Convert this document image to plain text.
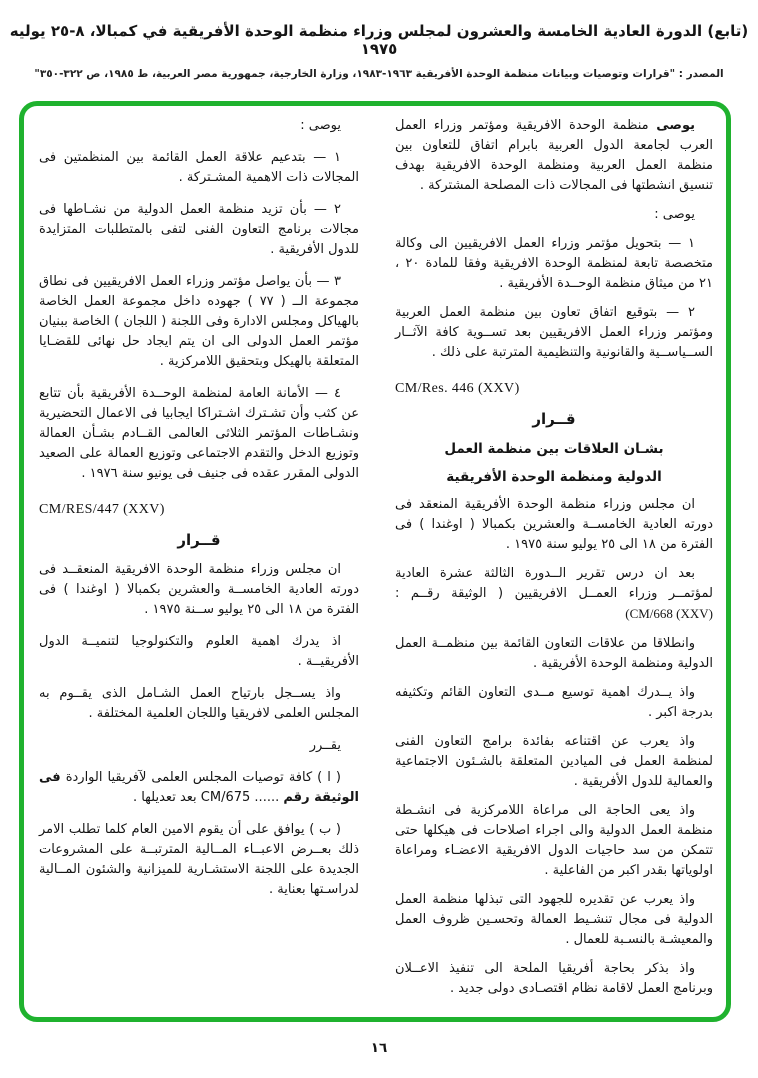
(تابع) الدورة العادية الخامسة والعشرون لمجلس وزراء منظمة الوحدة الأفريقية في كمبالا، ٨-٢٥ يوليه ١٩٧٥
المصدر : "قرارات وتوصيات وبيانات منظمة الوحدة الأفريقية ١٩٦٣-١٩٨٣، وزارة الخارجية، جمهورية مصر العربية، ط ١٩٨٥، ص ٣٢٢-٣٥٠"

يوصى منظمة الوحدة الافريقية ومؤتمر وزراء العمل العرب لجامعة الدول العربية بابرام اتفاق للتعاون بين منظمة العمل العربية ومنظمة الوحدة الافريقية بهدف تنسيق انشطتها فى المجالات ذات المصلحة المشتركة .

يوصى :

١ — بتحويل مؤتمر وزراء العمل الافريقيين الى وكالة متخصصة تابعة لمنظمة الوحدة الافريقية وفقا للمادة ٢٠ ، ٢١ من ميثاق منظمة الوحــدة الأفريقية .

٢ — بتوقيع اتفاق تعاون بين منظمة العمل العربية ومؤتمر وزراء العمل الافريقيين بعد تســوية كافة الآثــار الســياســية والقانونية والتنظيمية المترتبة على ذلك .

CM/Res. 446 (XXV)
قــرار
بشـان العلاقات بين منظمة العمل
الدولية ومنظمة الوحدة الأفريقية

ان مجلس وزراء منظمة الوحدة الأفريقية المنعقد فى دورته العادية الخامســة والعشرين بكمبالا ( اوغندا ) فى الفترة من ١٨ الى ٢٥ يوليو سنة ١٩٧٥ .

بعد ان درس تقرير الــدورة الثالثة عشرة العادية لمؤتمــر وزراء العمــل الافريقيين ( الوثيقة رقــم : (CM/668 (XXV)

وانطلاقا من علاقات التعاون القائمة بين منظمــة العمل الدولية ومنظمة الوحدة الأفريقية .

واذ يــدرك اهمية توسيع مــدى التعاون القائم وتكثيفه بدرجة اكبر .

واذ يعرب عن اقتناعه بفائدة برامج التعاون الفنى لمنظمة العمل فى الميادين المتعلقة بالشـئون الاجتماعية والعمالية للدول الأفريقية .

واذ يعى الحاجة الى مراعاة اللامركزية فى انشـطة منظمة العمل الدولية والى اجراء اصلاحات فى هيكلها حتى تتمكن من سد حاجيات الدول الافريقية الاعضـاء ومراعاة اولوياتها بقدر اكبر من الفاعلية .

واذ يعرب عن تقديره للجهود التى تبذلها منظمة العمل الدولية فى مجال تنشـيط العمالة وتحسـين ظروف العمل والمعيشـة بالنسـبة للعمال .

واذ بذكر بحاجة أفريقيا الملحة الى تنفيذ الاعــلان وبرنامج العمل لاقامة نظام اقتصـادى دولى جديد .

يوصى :

١ — بتدعيم علاقة العمل القائمة بين المنظمتين فى المجالات ذات الاهمية المشـتركة .

٢ — بأن تزيد منظمة العمل الدولية من نشـاطها فى مجالات برنامج التعاون الفنى لتفى بالمتطلبات المتزايدة للدول الأفريقية .

٣ — بأن يواصل مؤتمر وزراء العمل الافريقيين فى نطاق مجموعة الــ ( ٧٧ ) جهوده داخل مجموعة العمل الخاصة بالهياكل ومجلس الادارة وفى اللجنة ( اللجان ) الخاصة ببنيان مؤتمر العمل الدولى الى ان يتم ايجاد حل نهائى للقضـايا المتعلقة بالهيكل وبتحقيق اللامركزية .

٤ — الأمانة العامة لمنظمة الوحــدة الأفريقية بأن تتابع عن كثب وأن تشـترك اشـتراكا ايجابيا فى الاعمال التحضيرية ونشـاطات المؤتمر الثلاثى العالمى القــادم بشـأن العمالة وتوزيع الدخل والتقدم الاجتماعى وتوزيع العمالة على الصعيد الدولى المقرر عقده فى جنيف فى يونيو سنة ١٩٧٦ .

CM/RES/447 (XXV)
قــرار

ان مجلس وزراء منظمة الوحدة الافريقية المنعقــد فى دورته العادية الخامســة والعشرين بكمبالا ( اوغندا ) فى الفترة من ١٨ الى ٢٥ يوليو ســنة ١٩٧٥ .

اذ يدرك اهمية العلوم والتكنولوجيا لتنميــة الدول الأفريقيــة .

واذ يســجل بارتياح العمل الشـامل الذى يقــوم به المجلس العلمى لافريقيا واللجان العلمية المختلفة .

يقــرر

( ا ) كافة توصيات المجلس العلمى لآفريقيا الواردة فى الوثيقة رقم ...... CM/675 بعد تعديلها .

( ب ) يوافق على أن يقوم الامين العام كلما تطلب الامر ذلك بعــرض الاعبــاء المــالية المترتبــة على المشروعات الجديدة على اللجنة الاستشـارية للميزانية والشئون المــالية لدراسـتها بعناية .

١٦
